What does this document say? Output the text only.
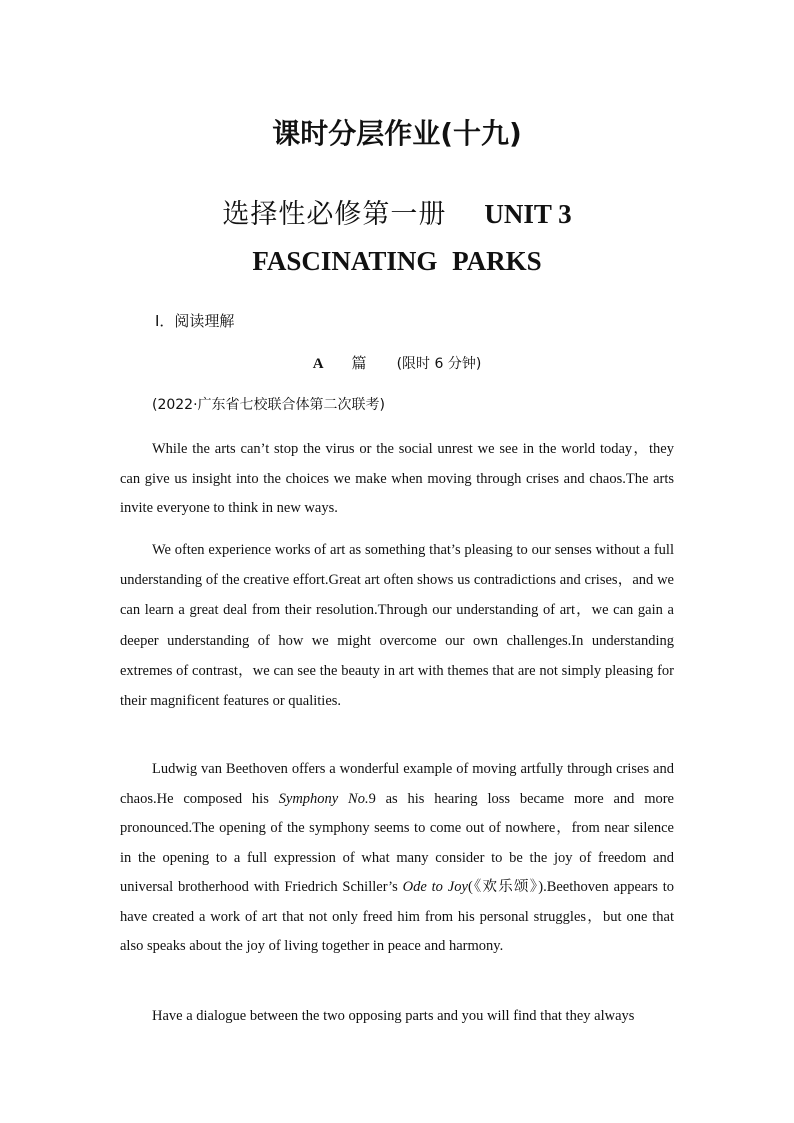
课时分层作业(十九)
选择性必修第一册 UNIT 3
FASCINATING PARKS
Ⅰ．阅读理解
A 篇 (限时 6 分钟)
(2022·广东省七校联合体第二次联考)

While the arts can’t stop the virus or the social unrest we see in the world today，they can give us insight into the choices we make when moving through crises and chaos.The arts invite everyone to think in new ways.

We often experience works of art as something that’s pleasing to our senses without a full understanding of the creative effort.Great art often shows us contradictions and crises，and we can learn a great deal from their resolution.Through our understanding of art，we can gain a deeper understanding of how we might overcome our own challenges.In understanding extremes of contrast，we can see the beauty in art with themes that are not simply pleasing for their magnificent features or qualities.

Ludwig van Beethoven offers a wonderful example of moving artfully through crises and chaos.He composed his Symphony No.9 as his hearing loss became more and more pronounced.The opening of the symphony seems to come out of nowhere，from near silence in the opening to a full expression of what many consider to be the joy of freedom and universal brotherhood with Friedrich Schiller’s Ode to Joy(《欢乐颂》).Beethoven appears to have created a work of art that not only freed him from his personal struggles，but one that also speaks about the joy of living together in peace and harmony.

Have a dialogue between the two opposing parts and you will find that they always
